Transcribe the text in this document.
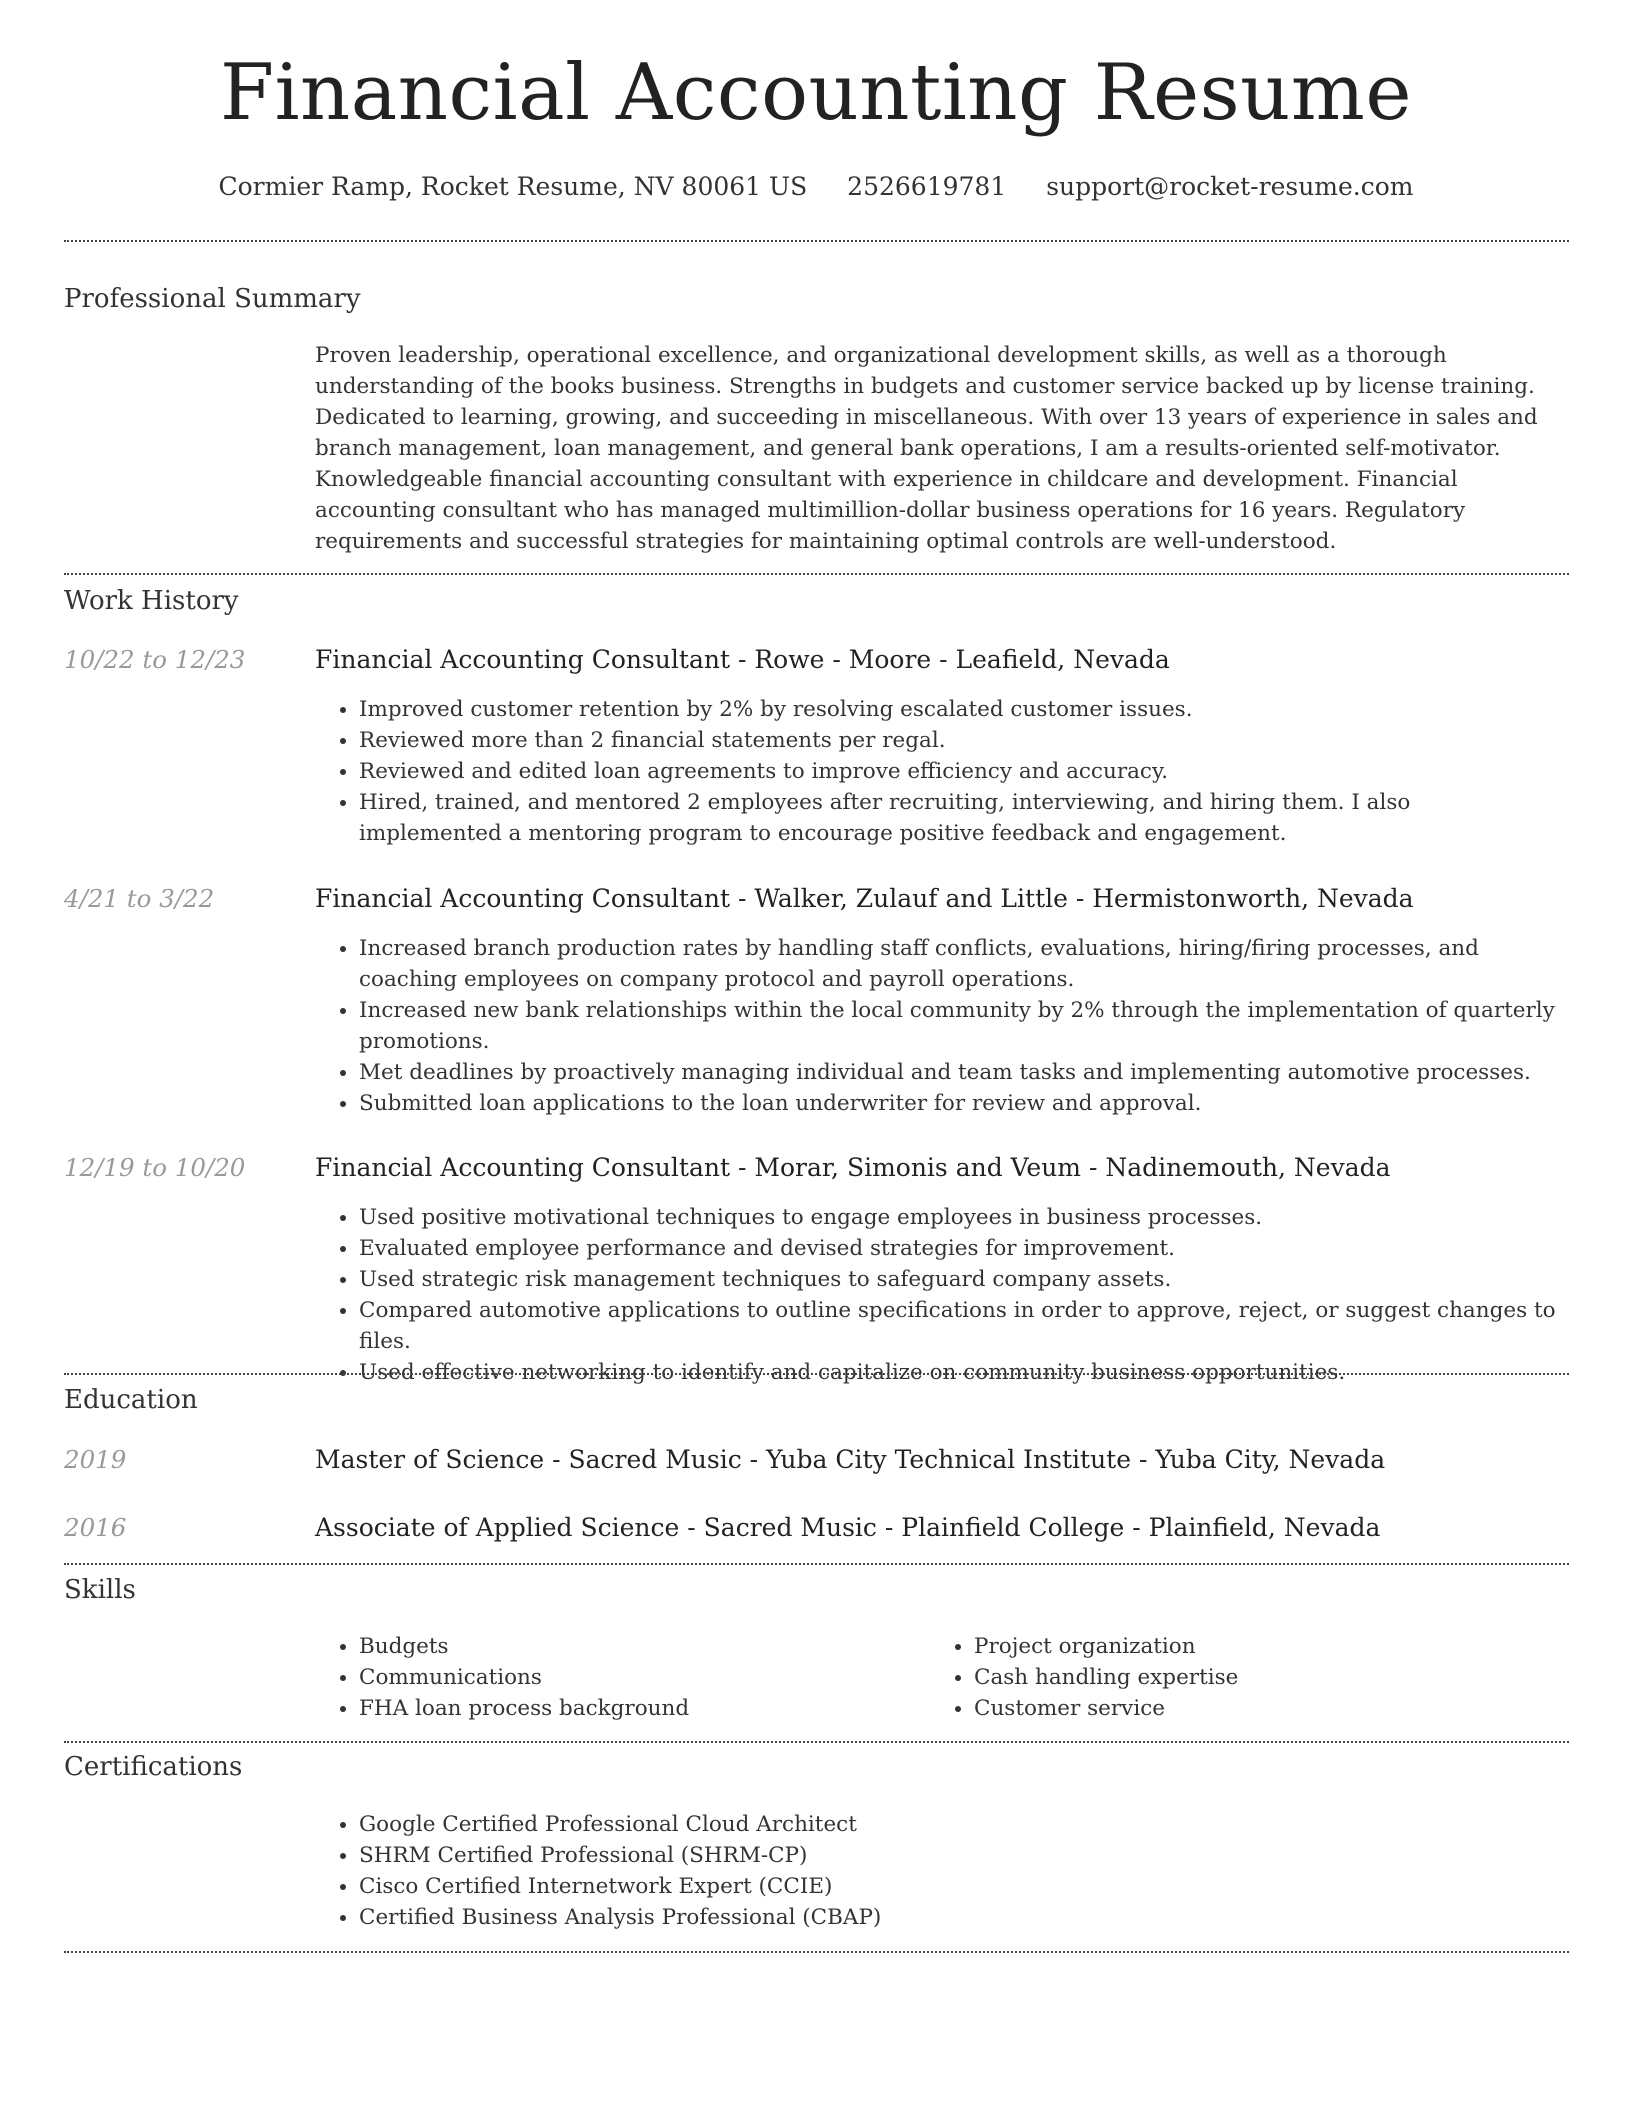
Financial Accounting Resume
Cormier Ramp, Rocket Resume, NV 80061 US 2526619781 support@rocket-resume.com
Professional Summary

Proven leadership, operational excellence, and organizational development skills, as well as a thorough understanding of the books business. Strengths in budgets and customer service backed up by license training. Dedicated to learning, growing, and succeeding in miscellaneous. With over 13 years of experience in sales and branch management, loan management, and general bank operations, I am a results-oriented self-motivator. Knowledgeable financial accounting consultant with experience in childcare and development. Financial accounting consultant who has managed multimillion-dollar business operations for 16 years. Regulatory requirements and successful strategies for maintaining optimal controls are well-understood.

Work History
10/22 to 12/23	Financial Accounting Consultant - Rowe - Moore - Leafield, Nevada
• Improved customer retention by 2% by resolving escalated customer issues.
• Reviewed more than 2 financial statements per regal.
• Reviewed and edited loan agreements to improve efficiency and accuracy.
• Hired, trained, and mentored 2 employees after recruiting, interviewing, and hiring them. I also implemented a mentoring program to encourage positive feedback and engagement.
4/21 to 3/22	Financial Accounting Consultant - Walker, Zulauf and Little - Hermistonworth, Nevada
• Increased branch production rates by handling staff conflicts, evaluations, hiring/firing processes, and coaching employees on company protocol and payroll operations.
• Increased new bank relationships within the local community by 2% through the implementation of quarterly promotions.
• Met deadlines by proactively managing individual and team tasks and implementing automotive processes.
• Submitted loan applications to the loan underwriter for review and approval.
12/19 to 10/20	Financial Accounting Consultant - Morar, Simonis and Veum - Nadinemouth, Nevada
• Used positive motivational techniques to engage employees in business processes.
• Evaluated employee performance and devised strategies for improvement.
• Used strategic risk management techniques to safeguard company assets.
• Compared automotive applications to outline specifications in order to approve, reject, or suggest changes to files.
• Used effective networking to identify and capitalize on community business opportunities.
Education
2019	Master of Science - Sacred Music - Yuba City Technical Institute - Yuba City, Nevada
2016	Associate of Applied Science - Sacred Music - Plainfield College - Plainfield, Nevada
Skills
• Budgets
• Communications
• FHA loan process background
• Project organization
• Cash handling expertise
• Customer service
Certifications
• Google Certified Professional Cloud Architect
• SHRM Certified Professional (SHRM-CP)
• Cisco Certified Internetwork Expert (CCIE)
• Certified Business Analysis Professional (CBAP)
